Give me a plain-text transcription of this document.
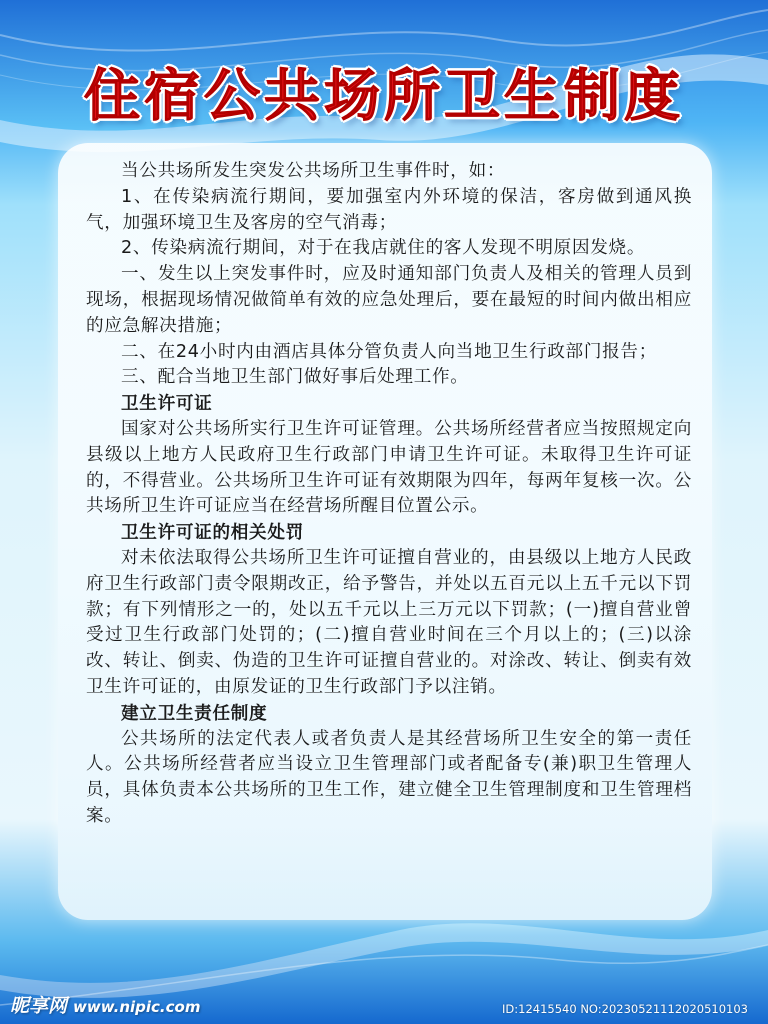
住宿公共场所卫生制度

当公共场所发生突发公共场所卫生事件时，如：

1、在传染病流行期间，要加强室内外环境的保洁，客房做到通风换气，加强环境卫生及客房的空气消毒；

2、传染病流行期间，对于在我店就住的客人发现不明原因发烧。

一、发生以上突发事件时，应及时通知部门负责人及相关的管理人员到现场，根据现场情况做简单有效的应急处理后，要在最短的时间内做出相应的应急解决措施；

二、在24小时内由酒店具体分管负责人向当地卫生行政部门报告；

三、配合当地卫生部门做好事后处理工作。

卫生许可证

国家对公共场所实行卫生许可证管理。公共场所经营者应当按照规定向县级以上地方人民政府卫生行政部门申请卫生许可证。未取得卫生许可证的，不得营业。公共场所卫生许可证有效期限为四年，每两年复核一次。公共场所卫生许可证应当在经营场所醒目位置公示。

卫生许可证的相关处罚

对未依法取得公共场所卫生许可证擅自营业的，由县级以上地方人民政府卫生行政部门责令限期改正，给予警告，并处以五百元以上五千元以下罚款；有下列情形之一的，处以五千元以上三万元以下罚款；(一)擅自营业曾受过卫生行政部门处罚的；(二)擅自营业时间在三个月以上的；(三)以涂改、转让、倒卖、伪造的卫生许可证擅自营业的。对涂改、转让、倒卖有效卫生许可证的，由原发证的卫生行政部门予以注销。

建立卫生责任制度

公共场所的法定代表人或者负责人是其经营场所卫生安全的第一责任人。公共场所经营者应当设立卫生管理部门或者配备专(兼)职卫生管理人员，具体负责本公共场所的卫生工作，建立健全卫生管理制度和卫生管理档案。

昵享网 www.nipic.com	ID:12415540 NO:20230521112020510103
